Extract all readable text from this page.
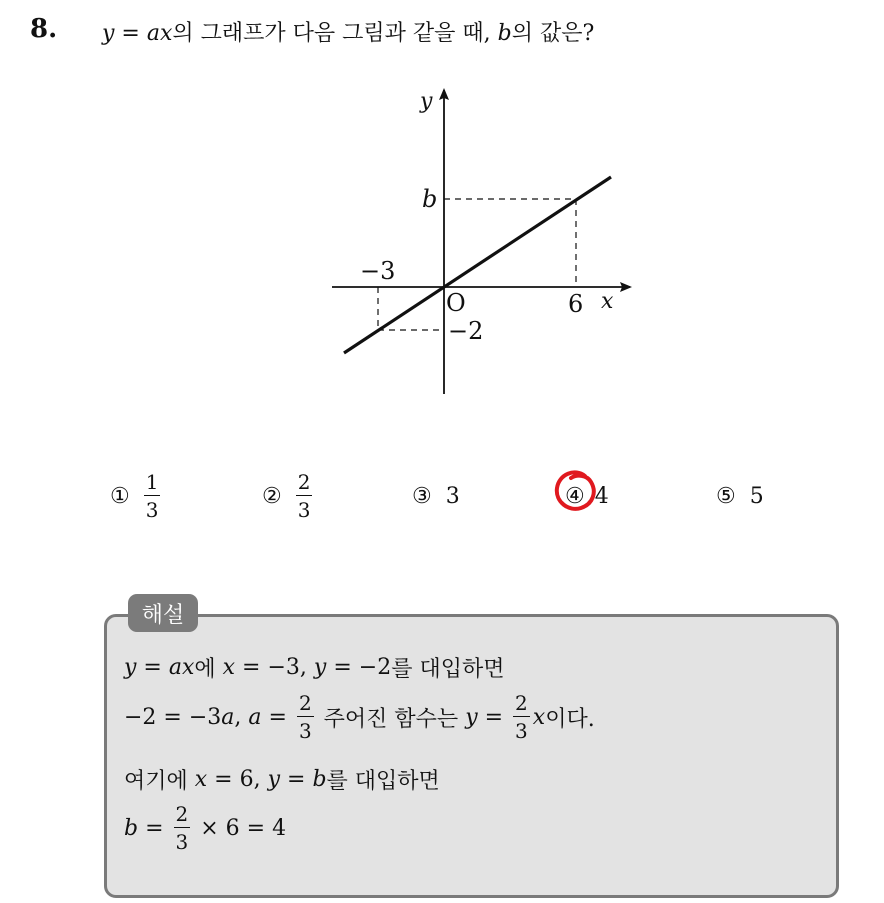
8. y = ax의 그래프가 다음 그림과 같을 때, b의 값은?
y
x
O
b
−3
6
−2
① $\frac{1}{3}$	② $\frac{2}{3}$	③ 3	④ 4	⑤ 5
해설
y = ax 에 x = −3, y = −2 를 대입하면
−2 = −3 a , $a = \frac{2}{3}$ 주어진 함수는 $y = \frac{2}{3}$ x 이다.
여기에 x = 6, y = b 를 대입하면
$b = \frac{2}{3} \times 6 = 4$
